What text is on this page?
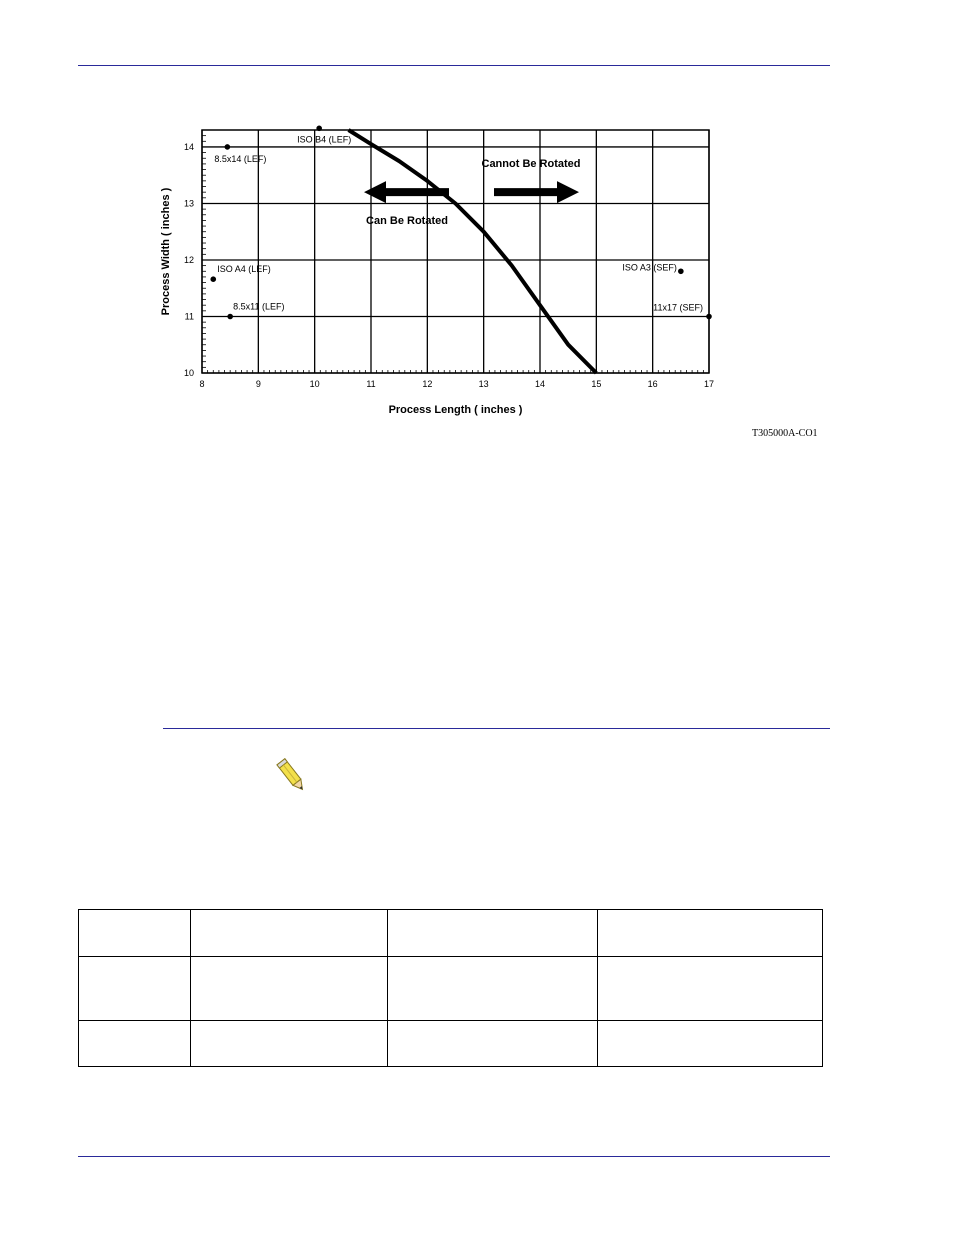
8	9	10	11	12	13	14	15	16	17
10
11
12
13
14
Process Length ( inches )
Process Width ( inches )
Cannot Be Rotated
Can Be Rotated
8.5x14 (LEF)
ISO B4 (LEF)
ISO A4 (LEF)
8.5x11 (LEF)
ISO A3 (SEF)
11x17 (SEF)
T305000A-CO1
